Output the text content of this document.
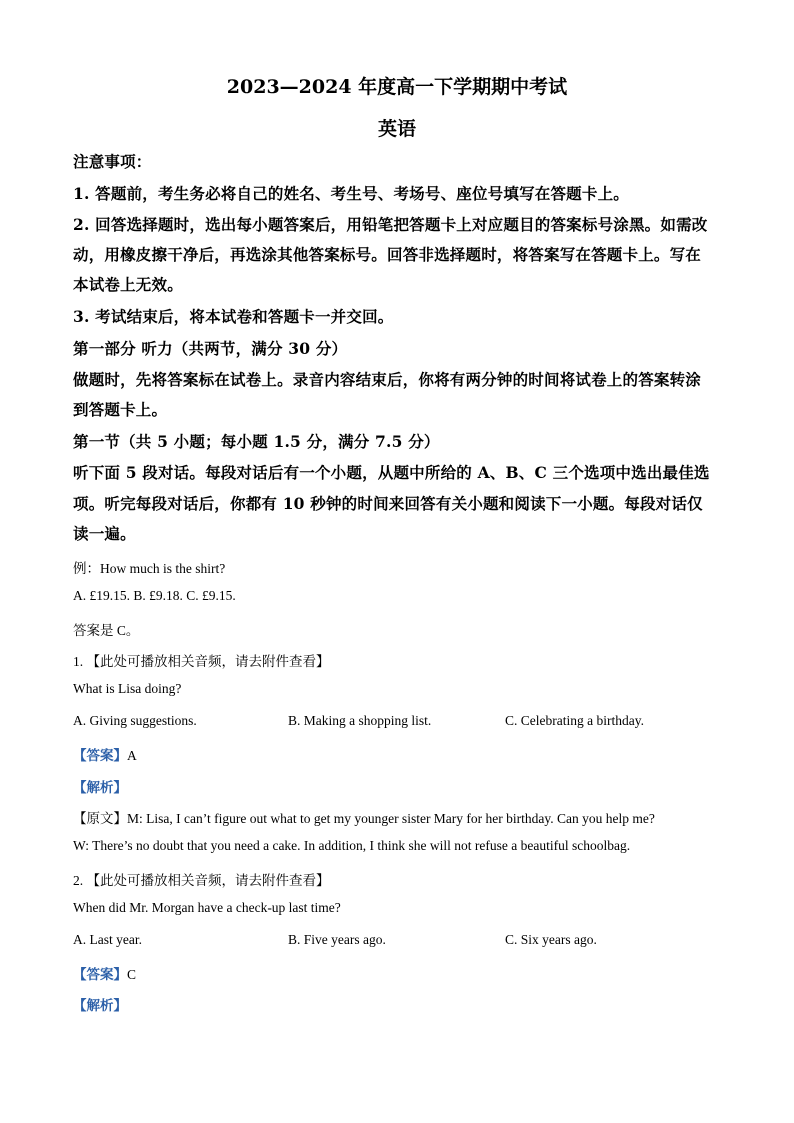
2023—2024 年度高一下学期期中考试
英语
注意事项：
1. 答题前，考生务必将自己的姓名、考生号、考场号、座位号填写在答题卡上。
2. 回答选择题时，选出每小题答案后，用铅笔把答题卡上对应题目的答案标号涂黑。如需改
动，用橡皮擦干净后，再选涂其他答案标号。回答非选择题时，将答案写在答题卡上。写在
本试卷上无效。
3. 考试结束后，将本试卷和答题卡一并交回。
第一部分 听力（共两节，满分 30 分）
做题时，先将答案标在试卷上。录音内容结束后，你将有两分钟的时间将试卷上的答案转涂
到答题卡上。
第一节（共 5 小题；每小题 1.5 分，满分 7.5 分）
听下面 5 段对话。每段对话后有一个小题，从题中所给的 A、B、C 三个选项中选出最佳选
项。听完每段对话后，你都有 10 秒钟的时间来回答有关小题和阅读下一小题。每段对话仅
读一遍。
例：How much is the shirt?
A. £19.15. B. £9.18. C. £9.15.
答案是 C。
1. 【此处可播放相关音频，请去附件查看】
What is Lisa doing?
A. Giving suggestions.	B. Making a shopping list.	C. Celebrating a birthday.
【答案】A
【解析】
【原文】M: Lisa, I can’t figure out what to get my younger sister Mary for her birthday. Can you help me?
W: There’s no doubt that you need a cake. In addition, I think she will not refuse a beautiful schoolbag.
2. 【此处可播放相关音频，请去附件查看】
When did Mr. Morgan have a check-up last time?
A. Last year.	B. Five years ago.	C. Six years ago.
【答案】C
【解析】
